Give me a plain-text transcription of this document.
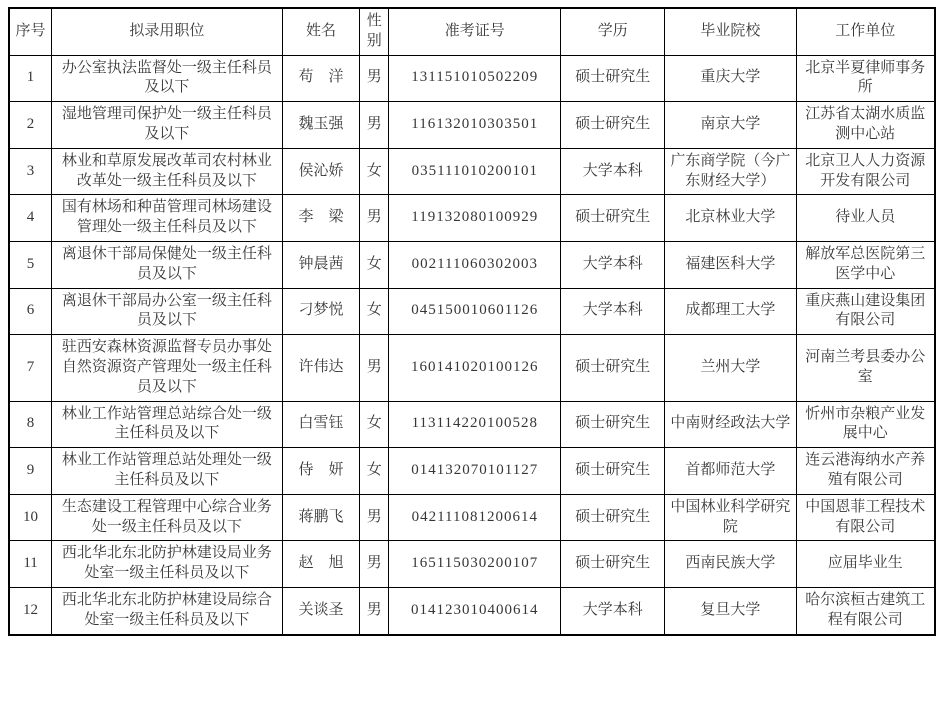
序号	拟录用职位	姓名	性别	准考证号	学历	毕业院校	工作单位
1	办公室执法监督处一级主任科员及以下	苟　洋	男	131151010502209	硕士研究生	重庆大学	北京半夏律师事务所
2	湿地管理司保护处一级主任科员及以下	魏玉强	男	116132010303501	硕士研究生	南京大学	江苏省太湖水质监测中心站
3	林业和草原发展改革司农村林业改革处一级主任科员及以下	侯沁娇	女	035111010200101	大学本科	广东商学院（今广东财经大学）	北京卫人人力资源开发有限公司
4	国有林场和种苗管理司林场建设管理处一级主任科员及以下	李　梁	男	119132080100929	硕士研究生	北京林业大学	待业人员
5	离退休干部局保健处一级主任科员及以下	钟晨茜	女	002111060302003	大学本科	福建医科大学	解放军总医院第三医学中心
6	离退休干部局办公室一级主任科员及以下	刁梦悦	女	045150010601126	大学本科	成都理工大学	重庆燕山建设集团有限公司
7	驻西安森林资源监督专员办事处自然资源资产管理处一级主任科员及以下	许伟达	男	160141020100126	硕士研究生	兰州大学	河南兰考县委办公室
8	林业工作站管理总站综合处一级主任科员及以下	白雪钰	女	113114220100528	硕士研究生	中南财经政法大学	忻州市杂粮产业发展中心
9	林业工作站管理总站处理处一级主任科员及以下	侍　妍	女	014132070101127	硕士研究生	首都师范大学	连云港海纳水产养殖有限公司
10	生态建设工程管理中心综合业务处一级主任科员及以下	蒋鹏飞	男	042111081200614	硕士研究生	中国林业科学研究院	中国恩菲工程技术有限公司
11	西北华北东北防护林建设局业务处室一级主任科员及以下	赵　旭	男	165115030200107	硕士研究生	西南民族大学	应届毕业生
12	西北华北东北防护林建设局综合处室一级主任科员及以下	关谈圣	男	014123010400614	大学本科	复旦大学	哈尔滨桓古建筑工程有限公司
